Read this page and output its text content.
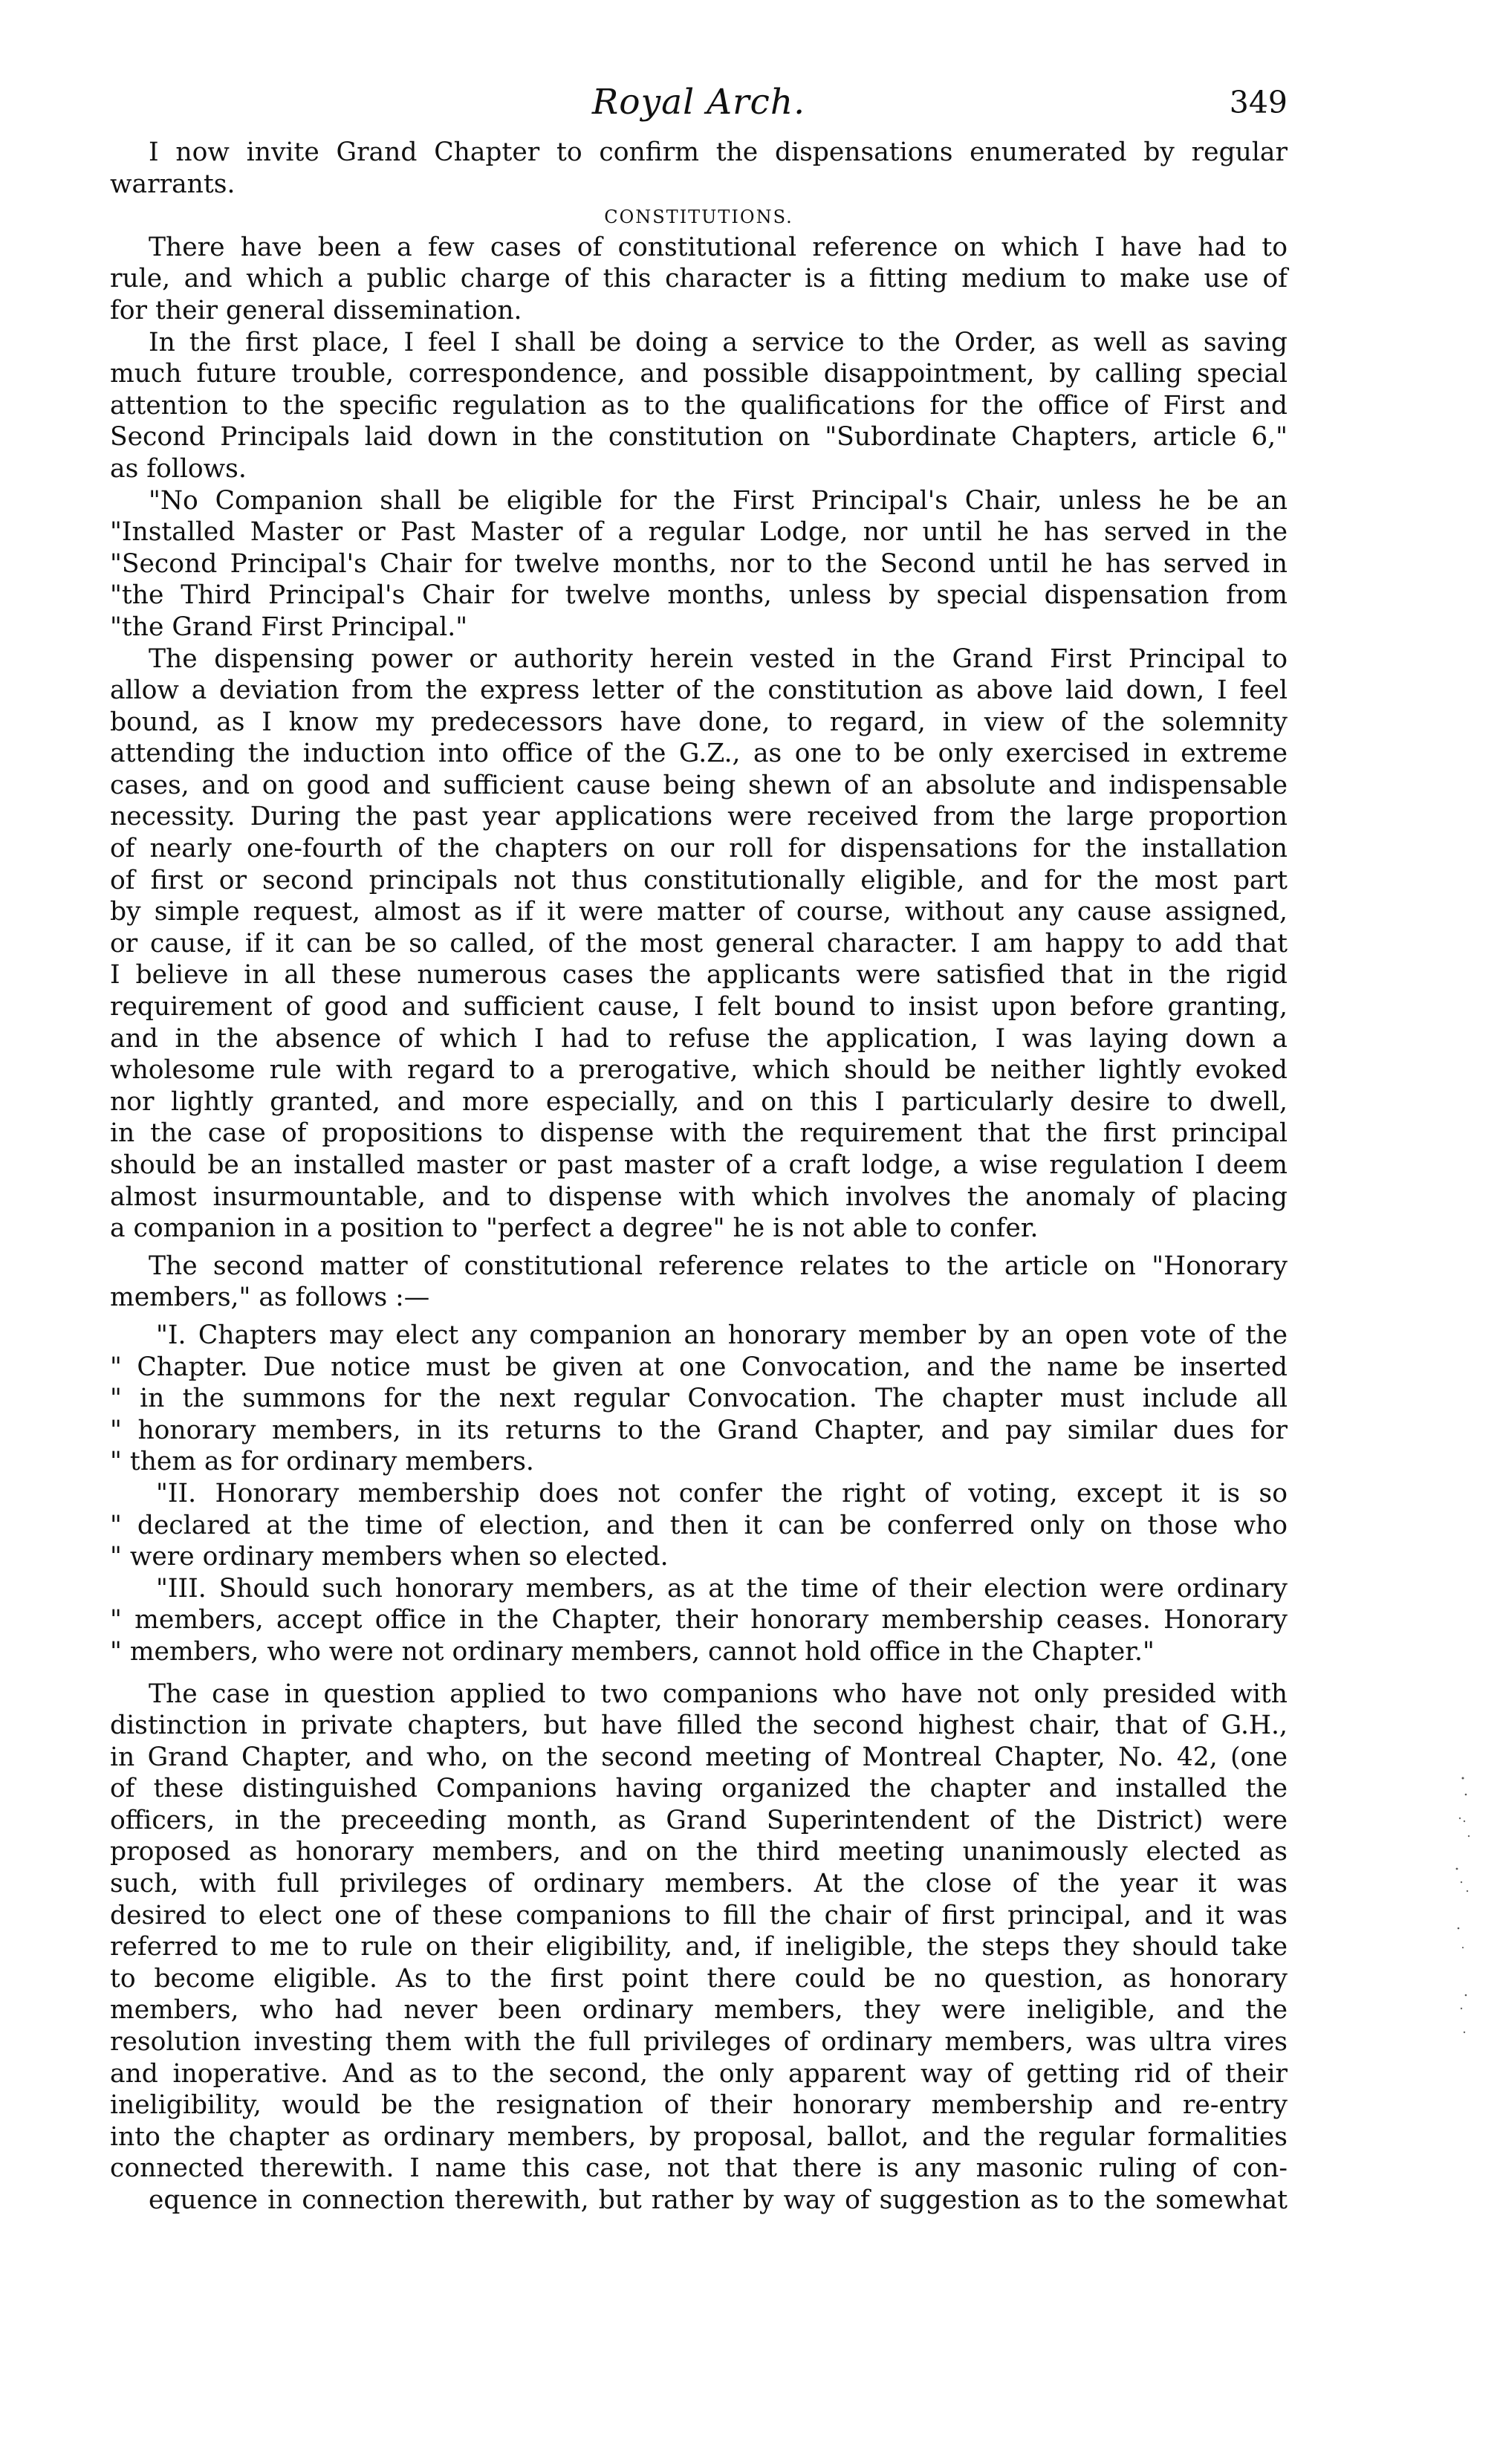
Royal Arch.	349
I now invite Grand Chapter to confirm the dispensations enumerated by regular
warrants.
CONSTITUTIONS.
There have been a few cases of constitutional reference on which I have had to
rule, and which a public charge of this character is a fitting medium to make use of
for their general dissemination.
In the first place, I feel I shall be doing a service to the Order, as well as saving
much future trouble, correspondence, and possible disappointment, by calling special
attention to the specific regulation as to the qualifications for the office of First and
Second Principals laid down in the constitution on "Subordinate Chapters, article 6,"
as follows.
"No Companion shall be eligible for the First Principal's Chair, unless he be an
"Installed Master or Past Master of a regular Lodge, nor until he has served in the
"Second Principal's Chair for twelve months, nor to the Second until he has served in
"the Third Principal's Chair for twelve months, unless by special dispensation from
"the Grand First Principal."
The dispensing power or authority herein vested in the Grand First Principal to
allow a deviation from the express letter of the constitution as above laid down, I feel
bound, as I know my predecessors have done, to regard, in view of the solemnity
attending the induction into office of the G.Z., as one to be only exercised in extreme
cases, and on good and sufficient cause being shewn of an absolute and indispensable
necessity. During the past year applications were received from the large proportion
of nearly one-fourth of the chapters on our roll for dispensations for the installation
of first or second principals not thus constitutionally eligible, and for the most part
by simple request, almost as if it were matter of course, without any cause assigned,
or cause, if it can be so called, of the most general character. I am happy to add that
I believe in all these numerous cases the applicants were satisfied that in the rigid
requirement of good and sufficient cause, I felt bound to insist upon before granting,
and in the absence of which I had to refuse the application, I was laying down a
wholesome rule with regard to a prerogative, which should be neither lightly evoked
nor lightly granted, and more especially, and on this I particularly desire to dwell,
in the case of propositions to dispense with the requirement that the first principal
should be an installed master or past master of a craft lodge, a wise regulation I deem
almost insurmountable, and to dispense with which involves the anomaly of placing
a companion in a position to "perfect a degree" he is not able to confer.
The second matter of constitutional reference relates to the article on "Honorary
members," as follows :—
"I. Chapters may elect any companion an honorary member by an open vote of the
" Chapter. Due notice must be given at one Convocation, and the name be inserted
" in the summons for the next regular Convocation. The chapter must include all
" honorary members, in its returns to the Grand Chapter, and pay similar dues for
" them as for ordinary members.
"II. Honorary membership does not confer the right of voting, except it is so
" declared at the time of election, and then it can be conferred only on those who
" were ordinary members when so elected.
"III. Should such honorary members, as at the time of their election were ordinary
" members, accept office in the Chapter, their honorary membership ceases. Honorary
" members, who were not ordinary members, cannot hold office in the Chapter."
The case in question applied to two companions who have not only presided with
distinction in private chapters, but have filled the second highest chair, that of G.H.,
in Grand Chapter, and who, on the second meeting of Montreal Chapter, No. 42, (one
of these distinguished Companions having organized the chapter and installed the
officers, in the preceeding month, as Grand Superintendent of the District) were
proposed as honorary members, and on the third meeting unanimously elected as
such, with full privileges of ordinary members. At the close of the year it was
desired to elect one of these companions to fill the chair of first principal, and it was
referred to me to rule on their eligibility, and, if ineligible, the steps they should take
to become eligible. As to the first point there could be no question, as honorary
members, who had never been ordinary members, they were ineligible, and the
resolution investing them with the full privileges of ordinary members, was ultra vires
and inoperative. And as to the second, the only apparent way of getting rid of their
ineligibility, would be the resignation of their honorary membership and re-entry
into the chapter as ordinary members, by proposal, ballot, and the regular formalities
connected therewith. I name this case, not that there is any masonic ruling of con-
equence in connection therewith, but rather by way of suggestion as to the somewhat
